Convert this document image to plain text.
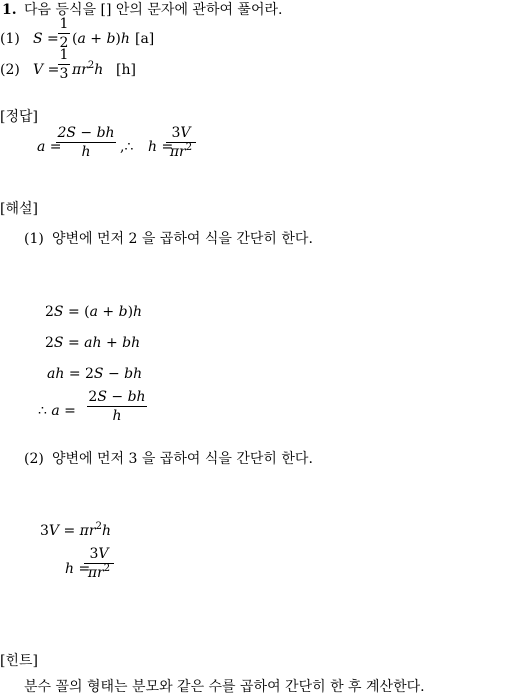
1. 다음 등식을 [] 안의 문자에 관하여 풀어라.
(1) S =
1
2 (a + b)h [a]
(2) V =
1
3 $\pi r^2h$ [h]
[정답]
a =
2S − bh
h	,∴ h =
3V
$\pi r^2$
[해설]
(1) 양변에 먼저 2 을 곱하여 식을 간단히 한다.
2S = (a + b)h
2S = ah + bh
ah = 2S − bh
∴ a =
2S − bh
h
(2) 양변에 먼저 3 을 곱하여 식을 간단히 한다.
$3V = \pi r^2h$
h =
3V
$\pi r^2$
[힌트]
분수 꼴의 형태는 분모와 같은 수를 곱하여 간단히 한 후 계산한다.
